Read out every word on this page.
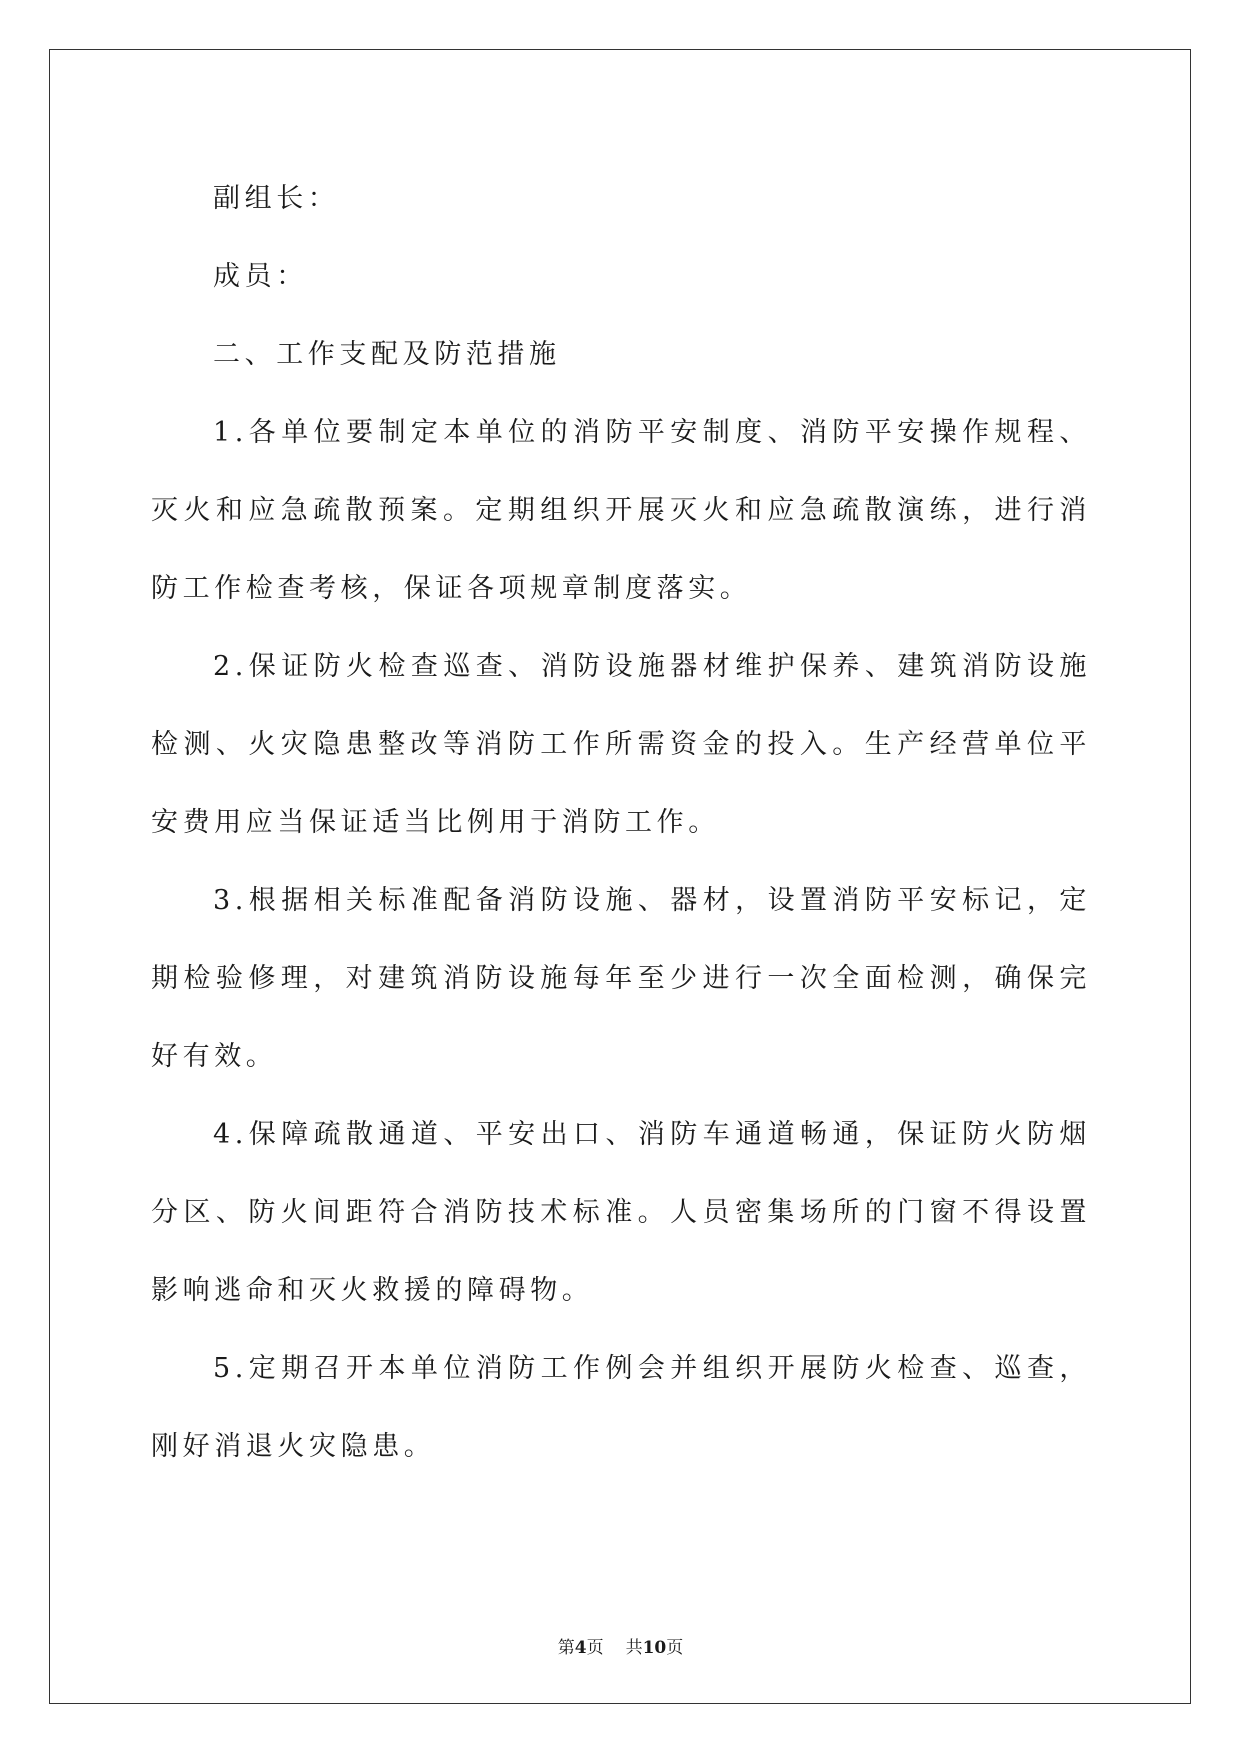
副组长：

成员：

二、工作支配及防范措施

1.各单位要制定本单位的消防平安制度、消防平安操作规程、灭火和应急疏散预案。定期组织开展灭火和应急疏散演练，进行消防工作检查考核，保证各项规章制度落实。

2.保证防火检查巡查、消防设施器材维护保养、建筑消防设施检测、火灾隐患整改等消防工作所需资金的投入。生产经营单位平安费用应当保证适当比例用于消防工作。

3.根据相关标准配备消防设施、器材，设置消防平安标记，定期检验修理，对建筑消防设施每年至少进行一次全面检测，确保完好有效。

4.保障疏散通道、平安出口、消防车通道畅通，保证防火防烟分区、防火间距符合消防技术标准。人员密集场所的门窗不得设置影响逃命和灭火救援的障碍物。

5.定期召开本单位消防工作例会并组织开展防火检查、巡查，刚好消退火灾隐患。

第4页 共10页
